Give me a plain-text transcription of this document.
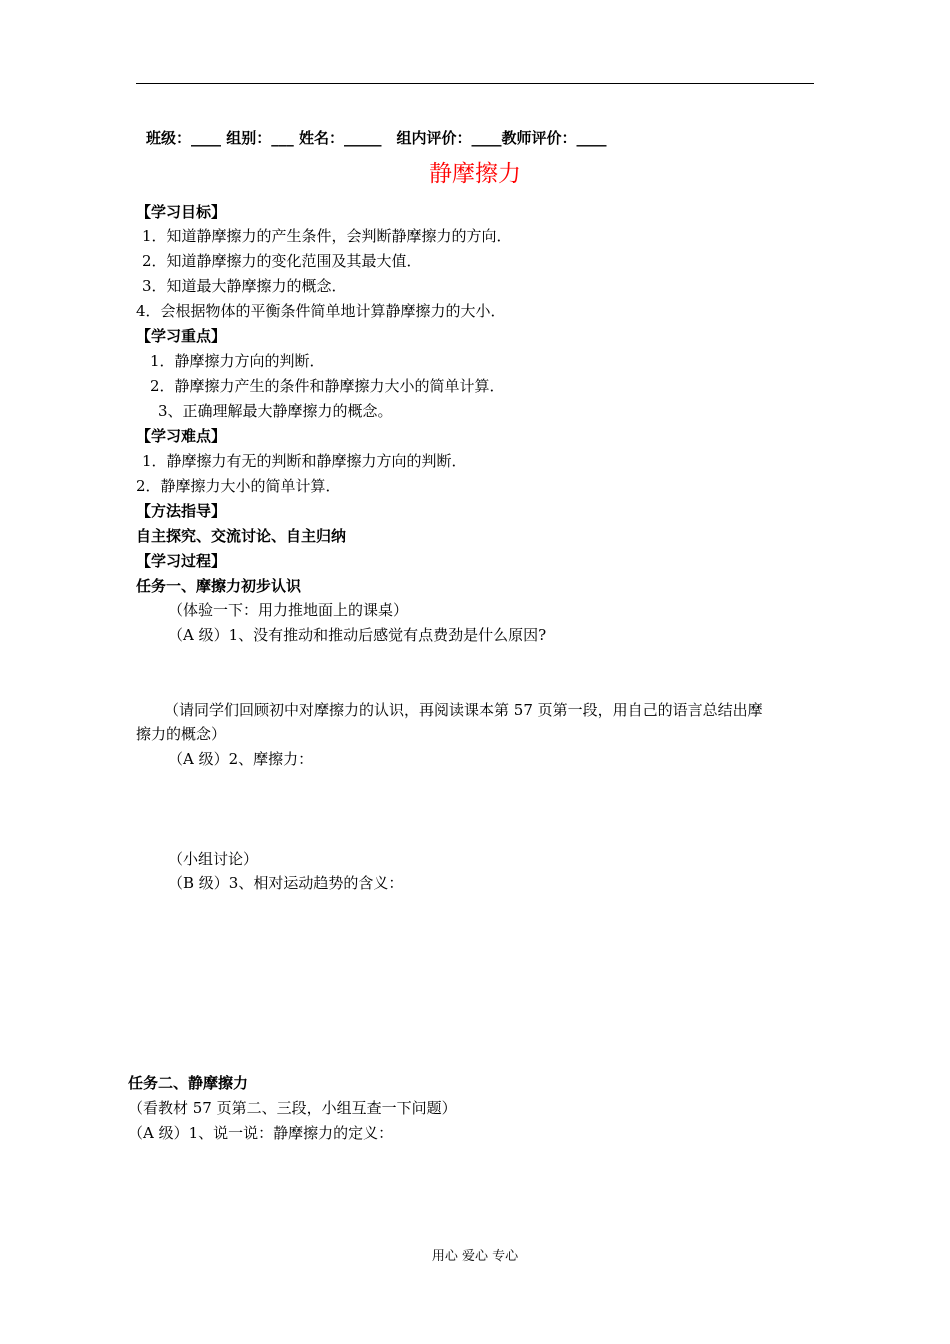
班级：____ 组别：___ 姓名：_____　组内评价：____教师评价：____
静摩擦力
【学习目标】
1．知道静摩擦力的产生条件，会判断静摩擦力的方向．
2．知道静摩擦力的变化范围及其最大值．
3．知道最大静摩擦力的概念．
4．会根据物体的平衡条件简单地计算静摩擦力的大小．
【学习重点】
1．静摩擦力方向的判断．
2．静摩擦力产生的条件和静摩擦力大小的简单计算．
3、正确理解最大静摩擦力的概念。
【学习难点】
1．静摩擦力有无的判断和静摩擦力方向的判断．
2．静摩擦力大小的简单计算．
【方法指导】
自主探究、交流讨论、自主归纳
【学习过程】
任务一、摩擦力初步认识
（体验一下：用力推地面上的课桌）
（A 级）1、没有推动和推动后感觉有点费劲是什么原因?
（请同学们回顾初中对摩擦力的认识，再阅读课本第 57 页第一段，用自己的语言总结出摩
擦力的概念）
（A 级）2、摩擦力：
（小组讨论）
（B 级）3、相对运动趋势的含义：
任务二、静摩擦力
（看教材 57 页第二、三段，小组互查一下问题）
（A 级）1、说一说：静摩擦力的定义：
用心 爱心 专心
